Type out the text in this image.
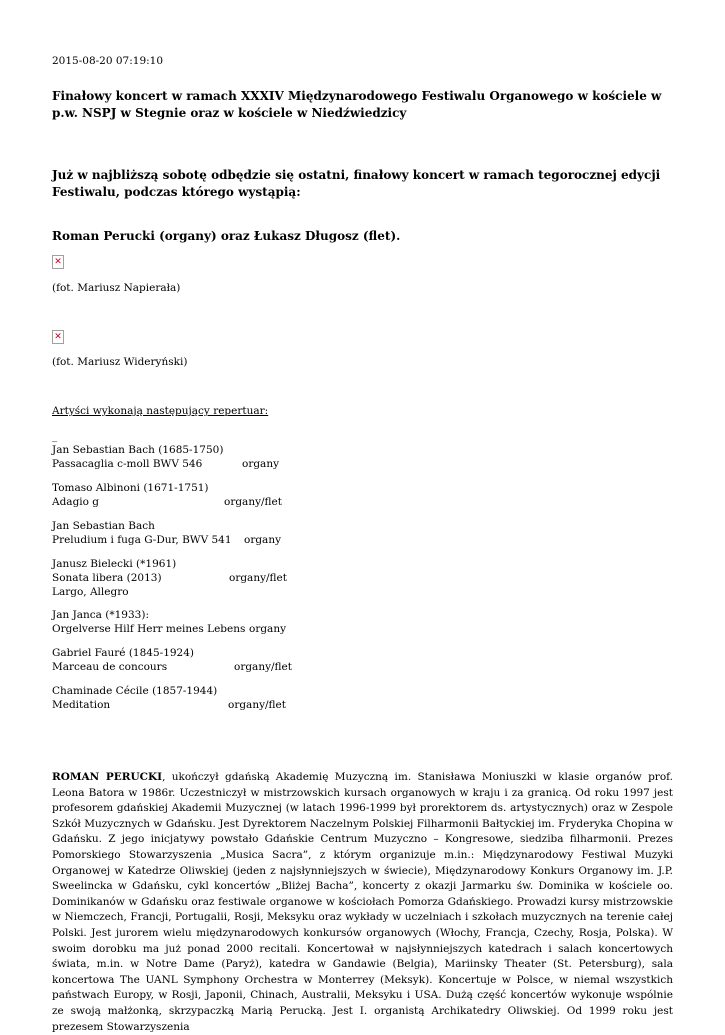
2015-08-20 07:19:10
Finałowy koncert w ramach XXXIV Międzynarodowego Festiwalu Organowego w kościele w p.w. NSPJ w Stegnie oraz w kościele w Niedźwiedzicy
Już w najbliższą sobotę odbędzie się ostatni, finałowy koncert w ramach tegorocznej edycji Festiwalu, podczas którego wystąpią:
Roman Perucki (organy) oraz Łukasz Długosz (flet).
✕
(fot. Mariusz Napierała)
✕
(fot. Mariusz Wideryński)
Artyści wykonają następujący repertuar:
_
Jan Sebastian Bach (1685-1750)
Passacaglia c-moll BWV 546	organy
Tomaso Albinoni (1671-1751)
Adagio g	organy/flet
Jan Sebastian Bach
Preludium i fuga G-Dur, BWV 541 organy
Janusz Bielecki (*1961)
Sonata libera (2013)	organy/flet
Largo, Allegro
Jan Janca (*1933):
Orgelverse Hilf Herr meines Lebens organy
Gabriel Fauré (1845-1924)
Marceau de concours	organy/flet
Chaminade Cécile (1857-1944)
Meditation	organy/flet

ROMAN PERUCKI, ukończył gdańską Akademię Muzyczną im. Stanisława Moniuszki w klasie organów prof. Leona Batora w 1986r. Uczestniczył w mistrzowskich kursach organowych w kraju i za granicą. Od roku 1997 jest profesorem gdańskiej Akademii Muzycznej (w latach 1996-1999 był prorektorem ds. artystycznych) oraz w Zespole Szkół Muzycznych w Gdańsku. Jest Dyrektorem Naczelnym Polskiej Filharmonii Bałtyckiej im. Fryderyka Chopina w Gdańsku. Z jego inicjatywy powstało Gdańskie Centrum Muzyczno – Kongresowe, siedziba filharmonii. Prezes Pomorskiego Stowarzyszenia „Musica Sacra”, z którym organizuje m.in.: Międzynarodowy Festiwal Muzyki Organowej w Katedrze Oliwskiej (jeden z najsłynniejszych w świecie), Międzynarodowy Konkurs Organowy im. J.P. Sweelincka w Gdańsku, cykl koncertów „Bliżej Bacha”, koncerty z okazji Jarmarku św. Dominika w kościele oo. Dominikanów w Gdańsku oraz festiwale organowe w kościołach Pomorza Gdańskiego. Prowadzi kursy mistrzowskie w Niemczech, Francji, Portugalii, Rosji, Meksyku oraz wykłady w uczelniach i szkołach muzycznych na terenie całej Polski. Jest jurorem wielu międzynarodowych konkursów organowych (Włochy, Francja, Czechy, Rosja, Polska). W swoim dorobku ma już ponad 2000 recitali. Koncertował w najsłynniejszych katedrach i salach koncertowych świata, m.in. w Notre Dame (Paryż), katedra w Gandawie (Belgia), Mariinsky Theater (St. Petersburg), sala koncertowa The UANL Symphony Orchestra w Monterrey (Meksyk). Koncertuje w Polsce, w niemal wszystkich państwach Europy, w Rosji, Japonii, Chinach, Australii, Meksyku i USA. Dużą część koncertów wykonuje wspólnie ze swoją małżonką, skrzypaczką Marią Perucką. Jest I. organistą Archikatedry Oliwskiej. Od 1999 roku jest prezesem Stowarzyszenia
